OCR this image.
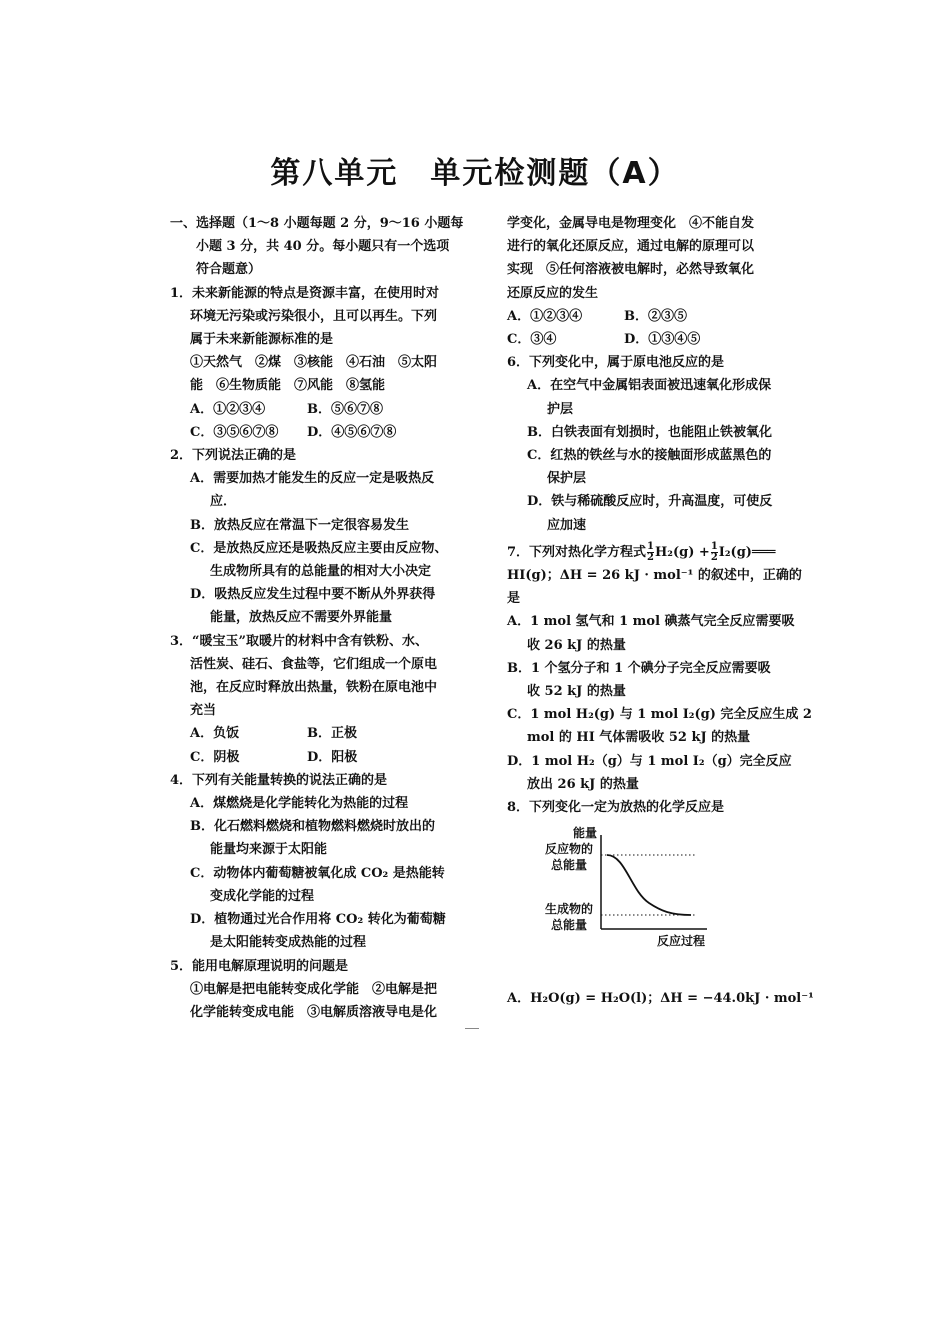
第八单元　单元检测题（A）
一、选择题（1～8 小题每题 2 分，9～16 小题每
小题 3 分，共 40 分。每小题只有一个选项
符合题意）
1．未来新能源的特点是资源丰富，在使用时对
环境无污染或污染很小，且可以再生。下列
属于未来新能源标准的是
①天然气　②煤　③核能　④石油　⑤太阳
能　⑥生物质能　⑦风能　⑧氢能
A．①②③④	B．⑤⑥⑦⑧
C．③⑤⑥⑦⑧	D．④⑤⑥⑦⑧
2．下列说法正确的是
A．需要加热才能发生的反应一定是吸热反
应．
B．放热反应在常温下一定很容易发生
C．是放热反应还是吸热反应主要由反应物、
生成物所具有的总能量的相对大小决定
D．吸热反应发生过程中要不断从外界获得
能量，放热反应不需要外界能量
3．“暖宝玉”取暖片的材料中含有铁粉、水、
活性炭、硅石、食盐等，它们组成一个原电
池，在反应时释放出热量，铁粉在原电池中
充当
A．负饭	B．正极
C．阴极	D．阳极
4．下列有关能量转换的说法正确的是
A．煤燃烧是化学能转化为热能的过程
B．化石燃料燃烧和植物燃料燃烧时放出的
能量均来源于太阳能
C．动物体内葡萄糖被氧化成 CO₂ 是热能转
变成化学能的过程
D．植物通过光合作用将 CO₂ 转化为葡萄糖
是太阳能转变成热能的过程
5．能用电解原理说明的问题是
①电解是把电能转变成化学能　②电解是把
化学能转变成电能　③电解质溶液导电是化
学变化，金属导电是物理变化　④不能自发
进行的氧化还原反应，通过电解的原理可以
实现　⑤任何溶液被电解时，必然导致氧化
还原反应的发生
A．①②③④	B．②③⑤
C．③④	D．①③④⑤
6．下列变化中，属于原电池反应的是
A．在空气中金属铝表面被迅速氧化形成保
护层
B．白铁表面有划损时，也能阻止铁被氧化
C．红热的铁丝与水的接触面形成蓝黑色的
保护层
D．铁与稀硫酸反应时，升高温度，可使反
应加速
7．下列对热化学方程式 $\frac{1}{2} H_2(g) + \frac{1}{2}$ I₂(g)═══
HI(g)；ΔH = 26 kJ · mol⁻¹ 的叙述中，正确的
是
A．1 mol 氢气和 1 mol 碘蒸气完全反应需要吸
收 26 kJ 的热量
B．1 个氢分子和 1 个碘分子完全反应需要吸
收 52 kJ 的热量
C．1 mol H₂(g) 与 1 mol I₂(g) 完全反应生成 2
mol 的 HI 气体需吸收 52 kJ 的热量
D．1 mol H₂（g）与 1 mol I₂（g）完全反应
放出 26 kJ 的热量
8．下列变化一定为放热的化学反应是
能量
反应物的
总能量
生成物的
总能量
反应过程
A．H₂O(g) = H₂O(l)；ΔH = −44.0kJ · mol⁻¹
